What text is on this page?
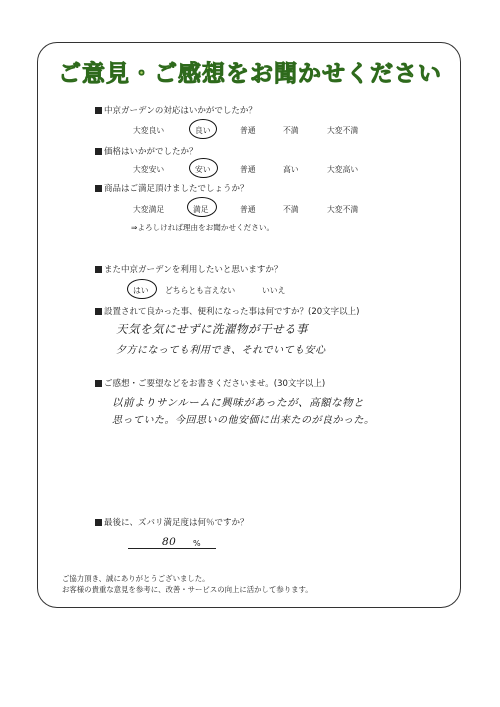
ご意見・ご感想をお聞かせください
中京ガーデンの対応はいかがでしたか？
大変良い	良い	普通	不満	大変不満
価格はいかがでしたか？
大変安い	安い	普通	高い	大変高い
商品はご満足頂けましたでしょうか？
大変満足	満足	普通	不満	大変不満
⇒よろしければ理由をお聞かせください。
また中京ガーデンを利用したいと思いますか？
はい どちらとも言えない	いいえ
設置されて良かった事、便利になった事は何ですか？(20文字以上)
天気を気にせずに洗濯物が干せる事
夕方になっても利用でき、それでいても安心
ご感想・ご要望などをお書きくださいませ。(30文字以上)
以前よりサンルームに興味があったが、高額な物と
思っていた。今回思いの他安価に出来たのが良かった。
最後に、ズバリ満足度は何％ですか？
80 %
ご協力頂き、誠にありがとうございました。
お客様の貴重な意見を参考に、改善・サービスの向上に活かして参ります。
